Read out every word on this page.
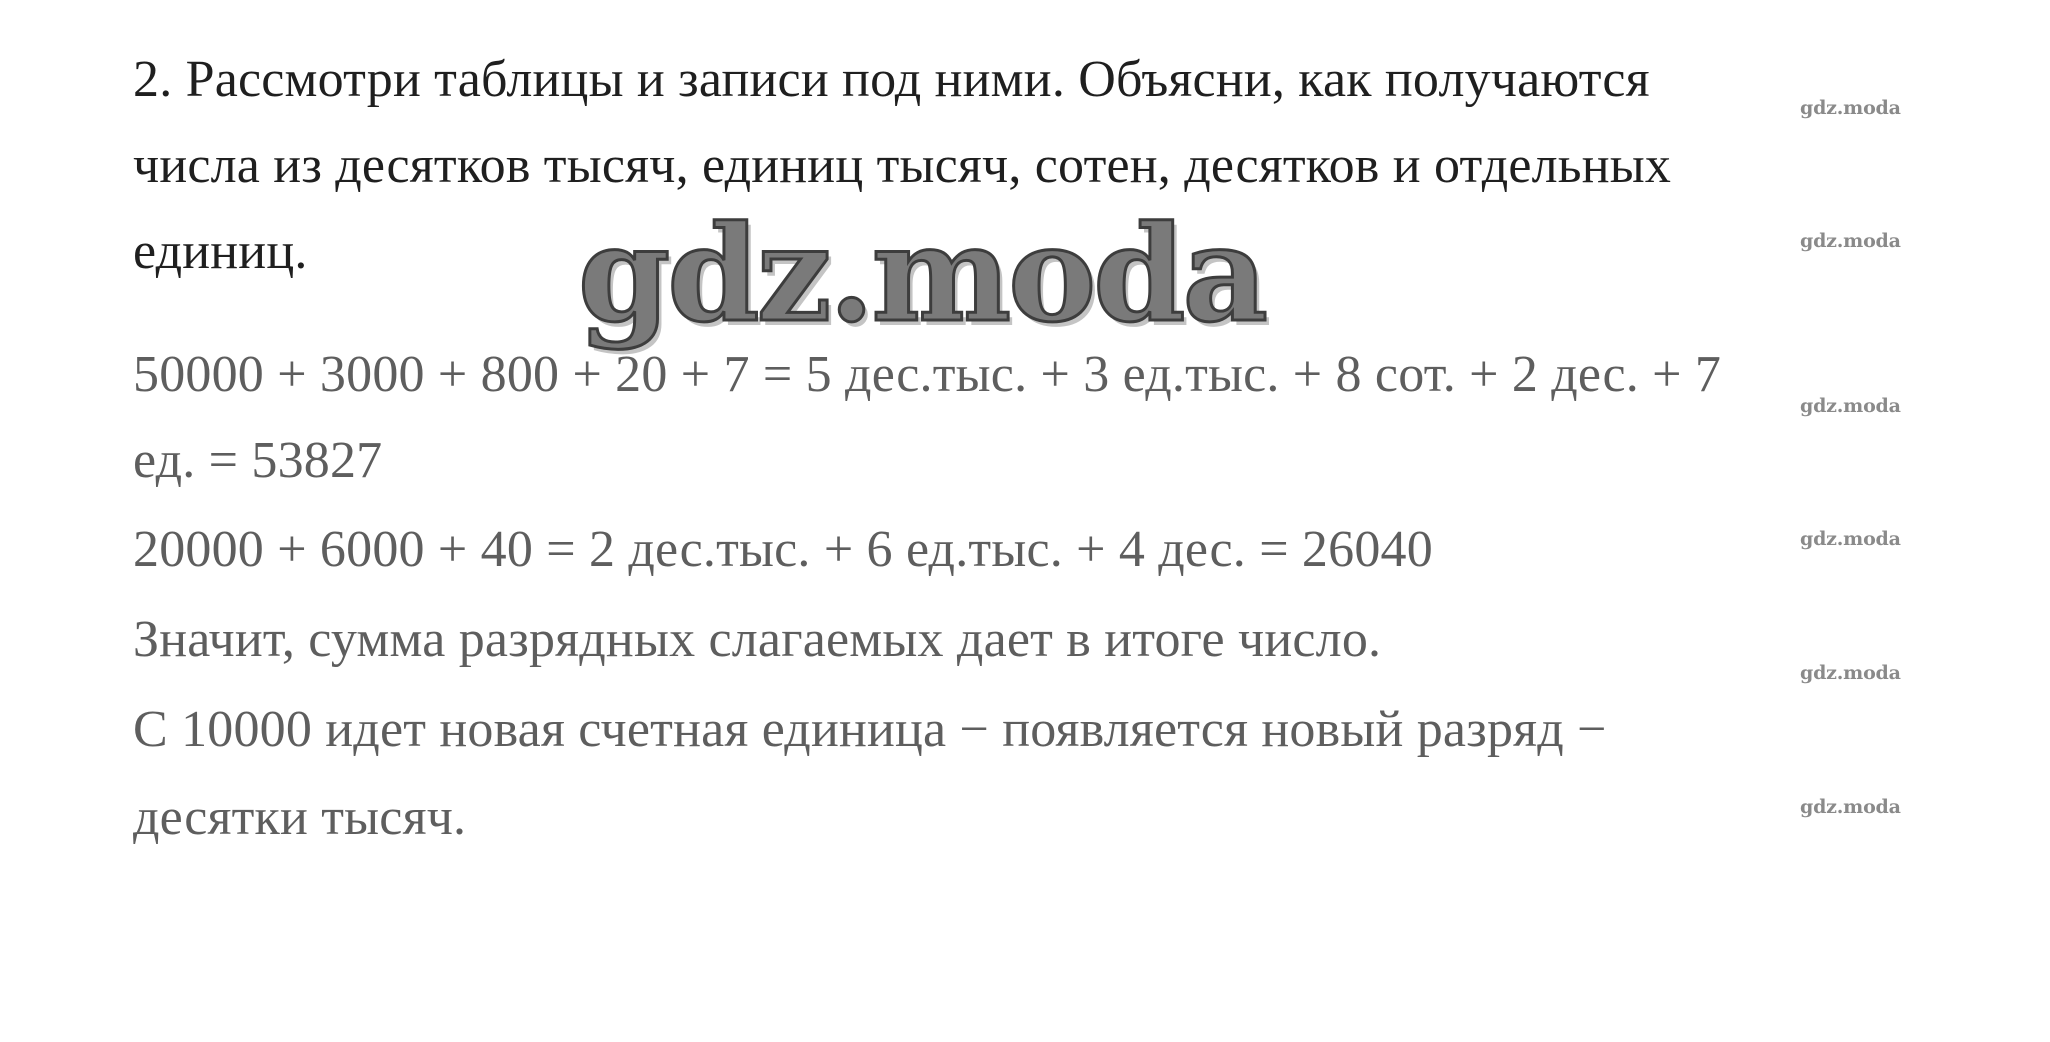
2. Рассмотри таблицы и записи под ними. Объясни, как получаются
числа из десятков тысяч, единиц тысяч, сотен, десятков и отдельных
единиц. gdz.moda
50000 + 3000 + 800 + 20 + 7 = 5 дес.тыс. + 3 ед.тыс. + 8 сот. + 2 дес. + 7
ед. = 53827
20000 + 6000 + 40 = 2 дес.тыс. + 6 ед.тыс. + 4 дес. = 26040
Значит, сумма разрядных слагаемых дает в итоге число.
С 10000 идет новая счетная единица − появляется новый разряд −
десятки тысяч.
gdz.moda
gdz.moda
gdz.moda
gdz.moda
gdz.moda
gdz.moda
